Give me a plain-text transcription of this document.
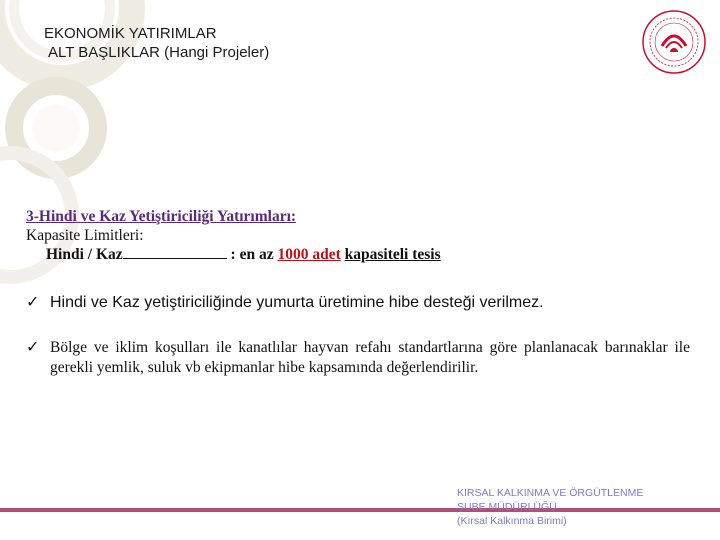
EKONOMİK YATIRIMLAR
ALT BAŞLIKLAR (Hangi Projeler)
3-Hindi ve Kaz Yetiştiriciliği Yatırımları:
Kapasite Limitleri:
Hindi / Kaz	: en az 1000 adet kapasiteli tesis
✓ Hindi ve Kaz yetiştiriciliğinde yumurta üretimine hibe desteği verilmez.
✓ Bölge ve iklim koşulları ile kanatlılar hayvan refahı standartlarına göre planlanacak barınaklar ile gerekli yemlik, suluk vb ekipmanlar hibe kapsamında değerlendirilir.
KIRSAL KALKINMA VE ÖRGÜTLENME
ŞUBE MÜDÜRLÜĞÜ
(Kırsal Kalkınma Birimi)
